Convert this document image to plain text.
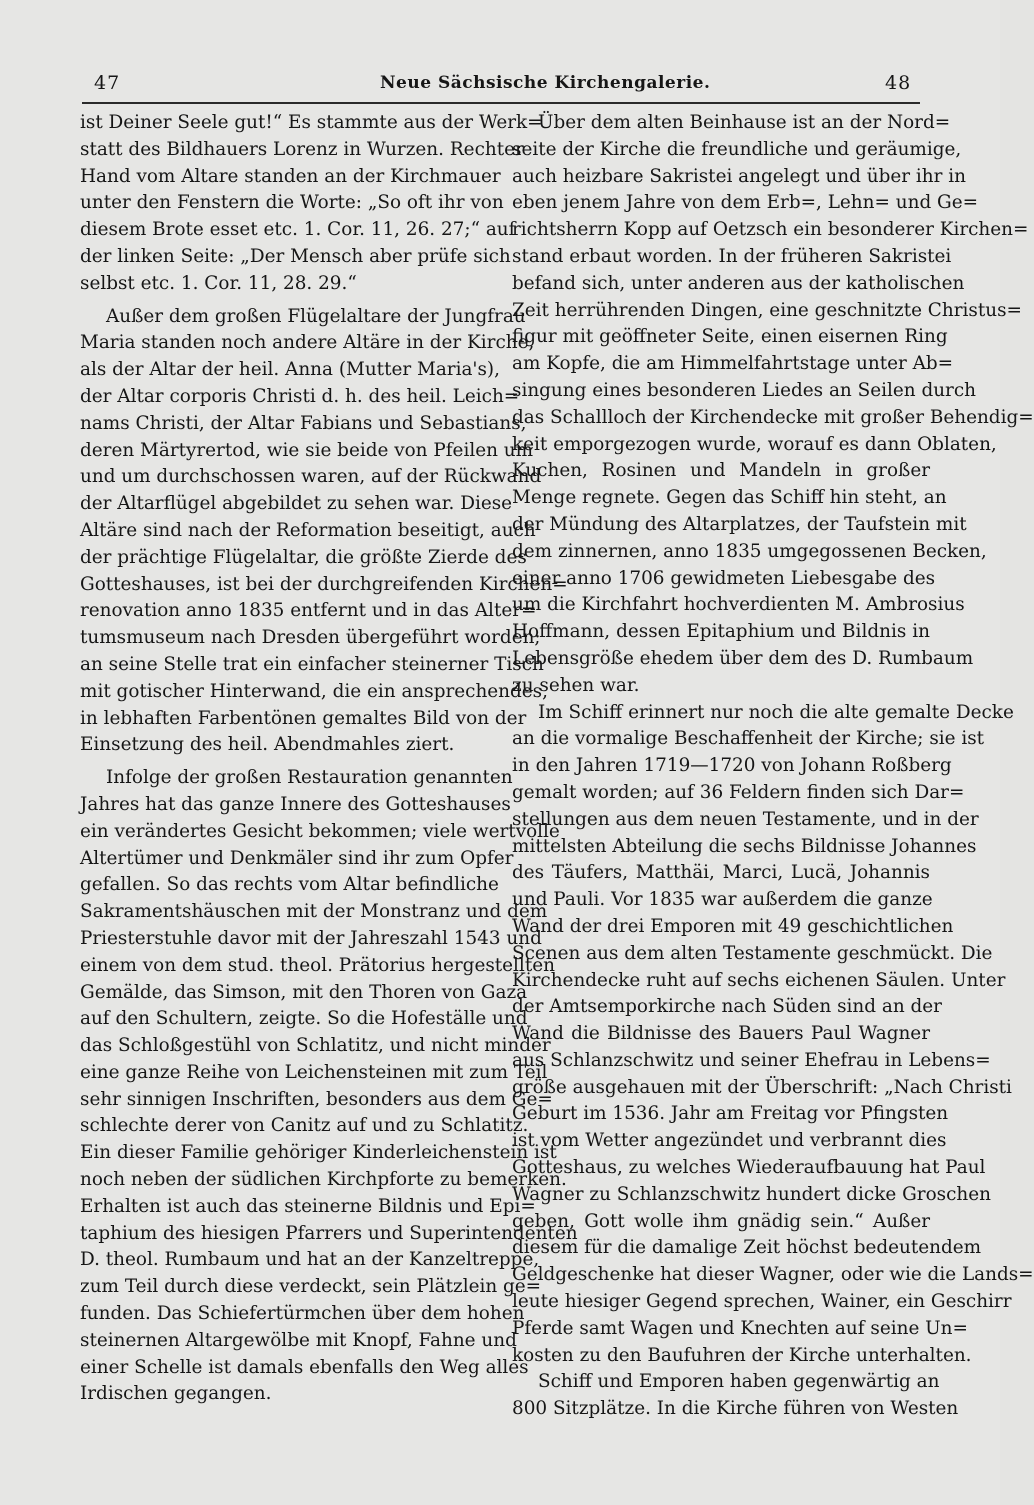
47	Neue Sächsische Kirchengalerie.	48
ist Deiner Seele gut!“ Es stammte aus der Werk=
statt des Bildhauers Lorenz in Wurzen. Rechter
Hand vom Altare standen an der Kirchmauer
unter den Fenstern die Worte: „So oft ihr von
diesem Brote esset etc. 1. Cor. 11, 26. 27;“ auf
der linken Seite: „Der Mensch aber prüfe sich
selbst etc. 1. Cor. 11, 28. 29.“
Außer dem großen Flügelaltare der Jungfrau
Maria standen noch andere Altäre in der Kirche,
als der Altar der heil. Anna (Mutter Maria's),
der Altar corporis Christi d. h. des heil. Leich=
nams Christi, der Altar Fabians und Sebastians,
deren Märtyrertod, wie sie beide von Pfeilen um
und um durchschossen waren, auf der Rückwand
der Altarflügel abgebildet zu sehen war. Diese
Altäre sind nach der Reformation beseitigt, auch
der prächtige Flügelaltar, die größte Zierde des
Gotteshauses, ist bei der durchgreifenden Kirchen=
renovation anno 1835 entfernt und in das Alter=
tumsmuseum nach Dresden übergeführt worden;
an seine Stelle trat ein einfacher steinerner Tisch
mit gotischer Hinterwand, die ein ansprechendes,
in lebhaften Farbentönen gemaltes Bild von der
Einsetzung des heil. Abendmahles ziert.
Infolge der großen Restauration genannten
Jahres hat das ganze Innere des Gotteshauses
ein verändertes Gesicht bekommen; viele wertvolle
Altertümer und Denkmäler sind ihr zum Opfer
gefallen. So das rechts vom Altar befindliche
Sakramentshäuschen mit der Monstranz und dem
Priesterstuhle davor mit der Jahreszahl 1543 und
einem von dem stud. theol. Prätorius hergestellten
Gemälde, das Simson, mit den Thoren von Gaza
auf den Schultern, zeigte. So die Hofeställe und
das Schloßgestühl von Schlatitz, und nicht minder
eine ganze Reihe von Leichensteinen mit zum Teil
sehr sinnigen Inschriften, besonders aus dem Ge=
schlechte derer von Canitz auf und zu Schlatitz.
Ein dieser Familie gehöriger Kinderleichenstein ist
noch neben der südlichen Kirchpforte zu bemerken.
Erhalten ist auch das steinerne Bildnis und Epi=
taphium des hiesigen Pfarrers und Superintendenten
D. theol. Rumbaum und hat an der Kanzeltreppe,
zum Teil durch diese verdeckt, sein Plätzlein ge=
funden. Das Schiefertürmchen über dem hohen
steinernen Altargewölbe mit Knopf, Fahne und
einer Schelle ist damals ebenfalls den Weg alles
Irdischen gegangen.
Über dem alten Beinhause ist an der Nord=
seite der Kirche die freundliche und geräumige,
auch heizbare Sakristei angelegt und über ihr in
eben jenem Jahre von dem Erb=, Lehn= und Ge=
richtsherrn Kopp auf Oetzsch ein besonderer Kirchen=
stand erbaut worden. In der früheren Sakristei
befand sich, unter anderen aus der katholischen
Zeit herrührenden Dingen, eine geschnitzte Christus=
figur mit geöffneter Seite, einen eisernen Ring
am Kopfe, die am Himmelfahrtstage unter Ab=
singung eines besonderen Liedes an Seilen durch
das Schallloch der Kirchendecke mit großer Behendig=
keit emporgezogen wurde, worauf es dann Oblaten,
Kuchen, Rosinen und Mandeln in großer
Menge regnete. Gegen das Schiff hin steht, an
der Mündung des Altarplatzes, der Taufstein mit
dem zinnernen, anno 1835 umgegossenen Becken,
einer anno 1706 gewidmeten Liebesgabe des
um die Kirchfahrt hochverdienten M. Ambrosius
Hoffmann, dessen Epitaphium und Bildnis in
Lebensgröße ehedem über dem des D. Rumbaum
zu sehen war.
Im Schiff erinnert nur noch die alte gemalte Decke
an die vormalige Beschaffenheit der Kirche; sie ist
in den Jahren 1719—1720 von Johann Roßberg
gemalt worden; auf 36 Feldern finden sich Dar=
stellungen aus dem neuen Testamente, und in der
mittelsten Abteilung die sechs Bildnisse Johannes
des Täufers, Matthäi, Marci, Lucä, Johannis
und Pauli. Vor 1835 war außerdem die ganze
Wand der drei Emporen mit 49 geschichtlichen
Scenen aus dem alten Testamente geschmückt. Die
Kirchendecke ruht auf sechs eichenen Säulen. Unter
der Amtsemporkirche nach Süden sind an der
Wand die Bildnisse des Bauers Paul Wagner
aus Schlanzschwitz und seiner Ehefrau in Lebens=
größe ausgehauen mit der Überschrift: „Nach Christi
Geburt im 1536. Jahr am Freitag vor Pfingsten
ist vom Wetter angezündet und verbrannt dies
Gotteshaus, zu welches Wiederaufbauung hat Paul
Wagner zu Schlanzschwitz hundert dicke Groschen
geben, Gott wolle ihm gnädig sein.“ Außer
diesem für die damalige Zeit höchst bedeutendem
Geldgeschenke hat dieser Wagner, oder wie die Lands=
leute hiesiger Gegend sprechen, Wainer, ein Geschirr
Pferde samt Wagen und Knechten auf seine Un=
kosten zu den Baufuhren der Kirche unterhalten.
Schiff und Emporen haben gegenwärtig an
800 Sitzplätze. In die Kirche führen von Westen
